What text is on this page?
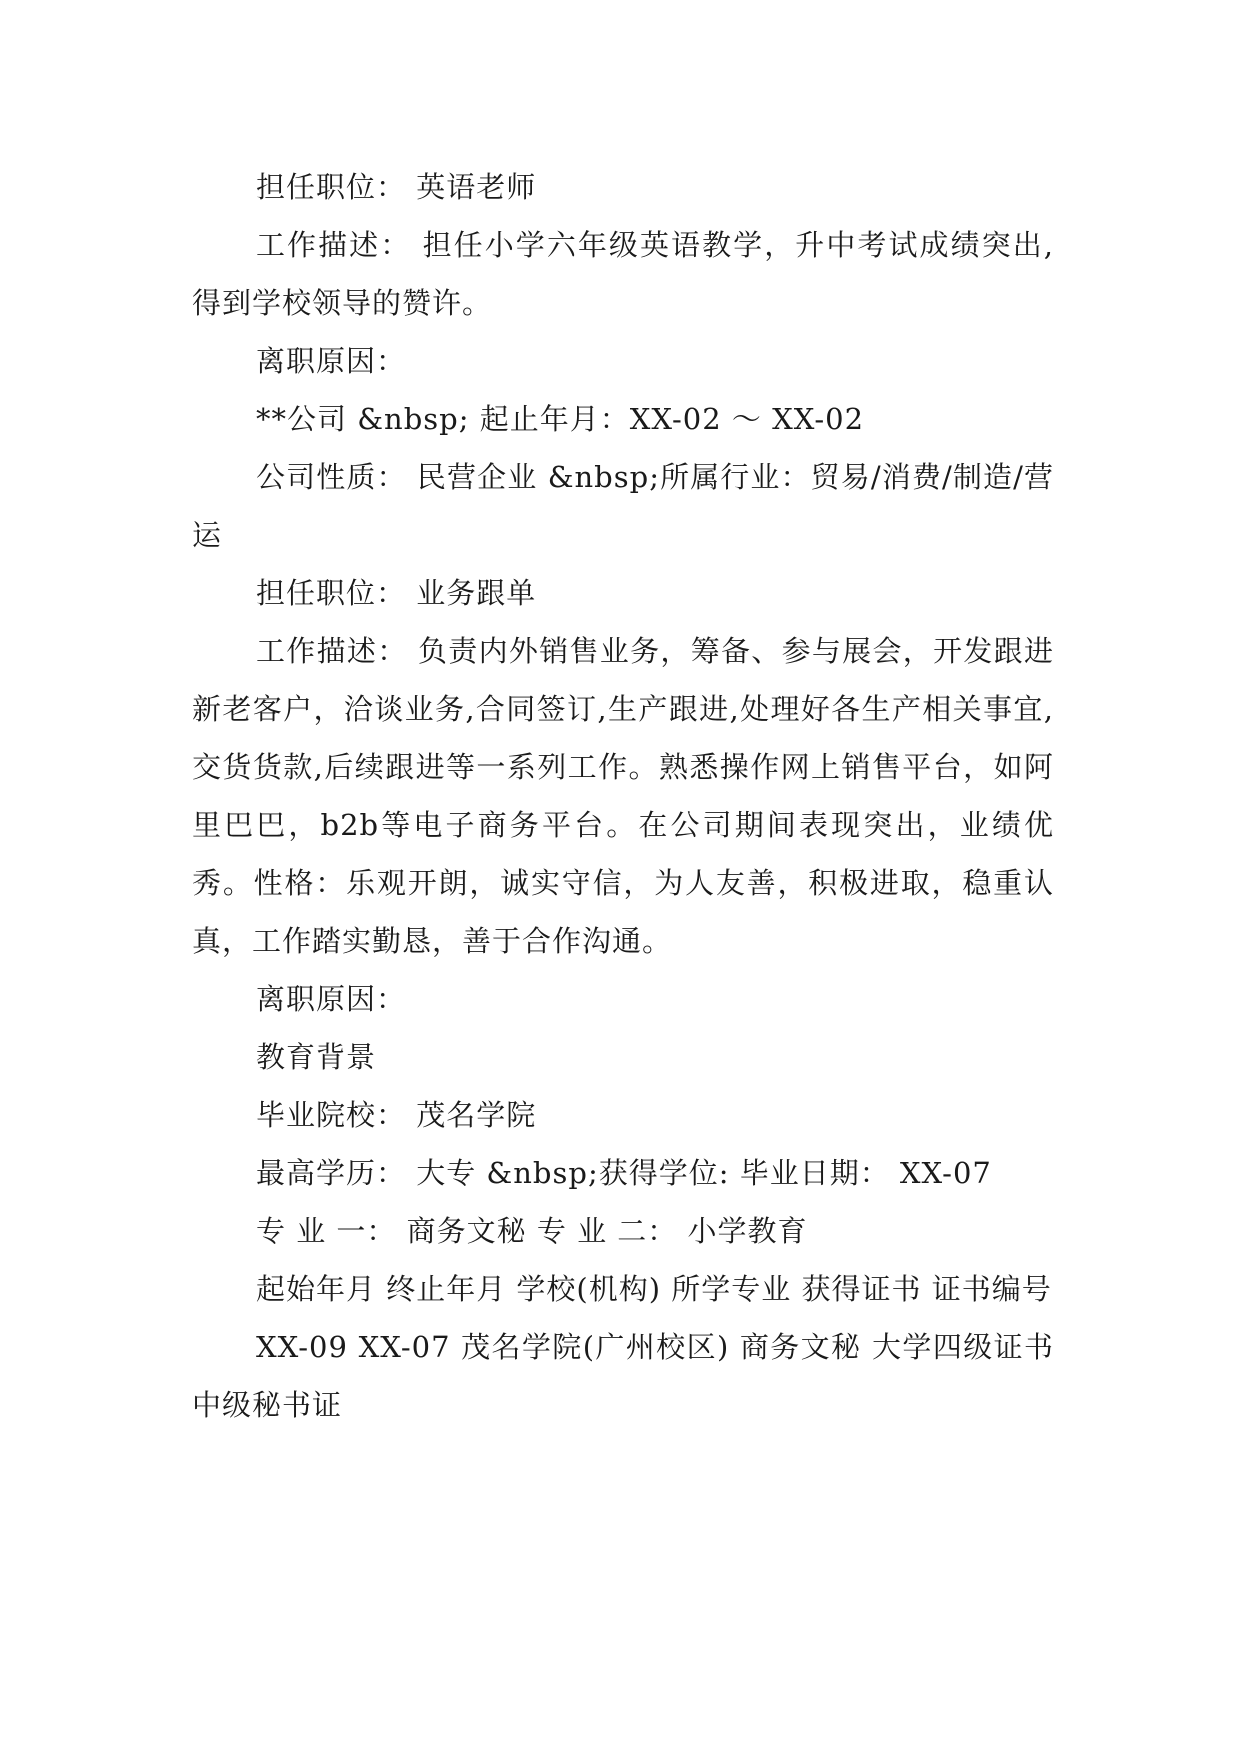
担任职位： 英语老师

工作描述： 担任小学六年级英语教学，升中考试成绩突出,得到学校领导的赞许。

离职原因：

**公司 &nbsp; 起止年月：XX-02 ～ XX-02

公司性质： 民营企业 &nbsp;所属行业：贸易/消费/制造/营运

担任职位： 业务跟单

工作描述： 负责内外销售业务，筹备、参与展会，开发跟进新老客户，洽谈业务,合同签订,生产跟进,处理好各生产相关事宜,交货货款,后续跟进等一系列工作。熟悉操作网上销售平台，如阿里巴巴，b2b等电子商务平台。在公司期间表现突出，业绩优秀。性格：乐观开朗，诚实守信，为人友善，积极进取，稳重认真，工作踏实勤恳，善于合作沟通。

离职原因：

教育背景

毕业院校： 茂名学院

最高学历： 大专 &nbsp;获得学位: 毕业日期： XX-07

专 业 一： 商务文秘 专 业 二： 小学教育

起始年月 终止年月 学校(机构) 所学专业 获得证书 证书编号

XX-09 XX-07 茂名学院(广州校区) 商务文秘 大学四级证书 中级秘书证
